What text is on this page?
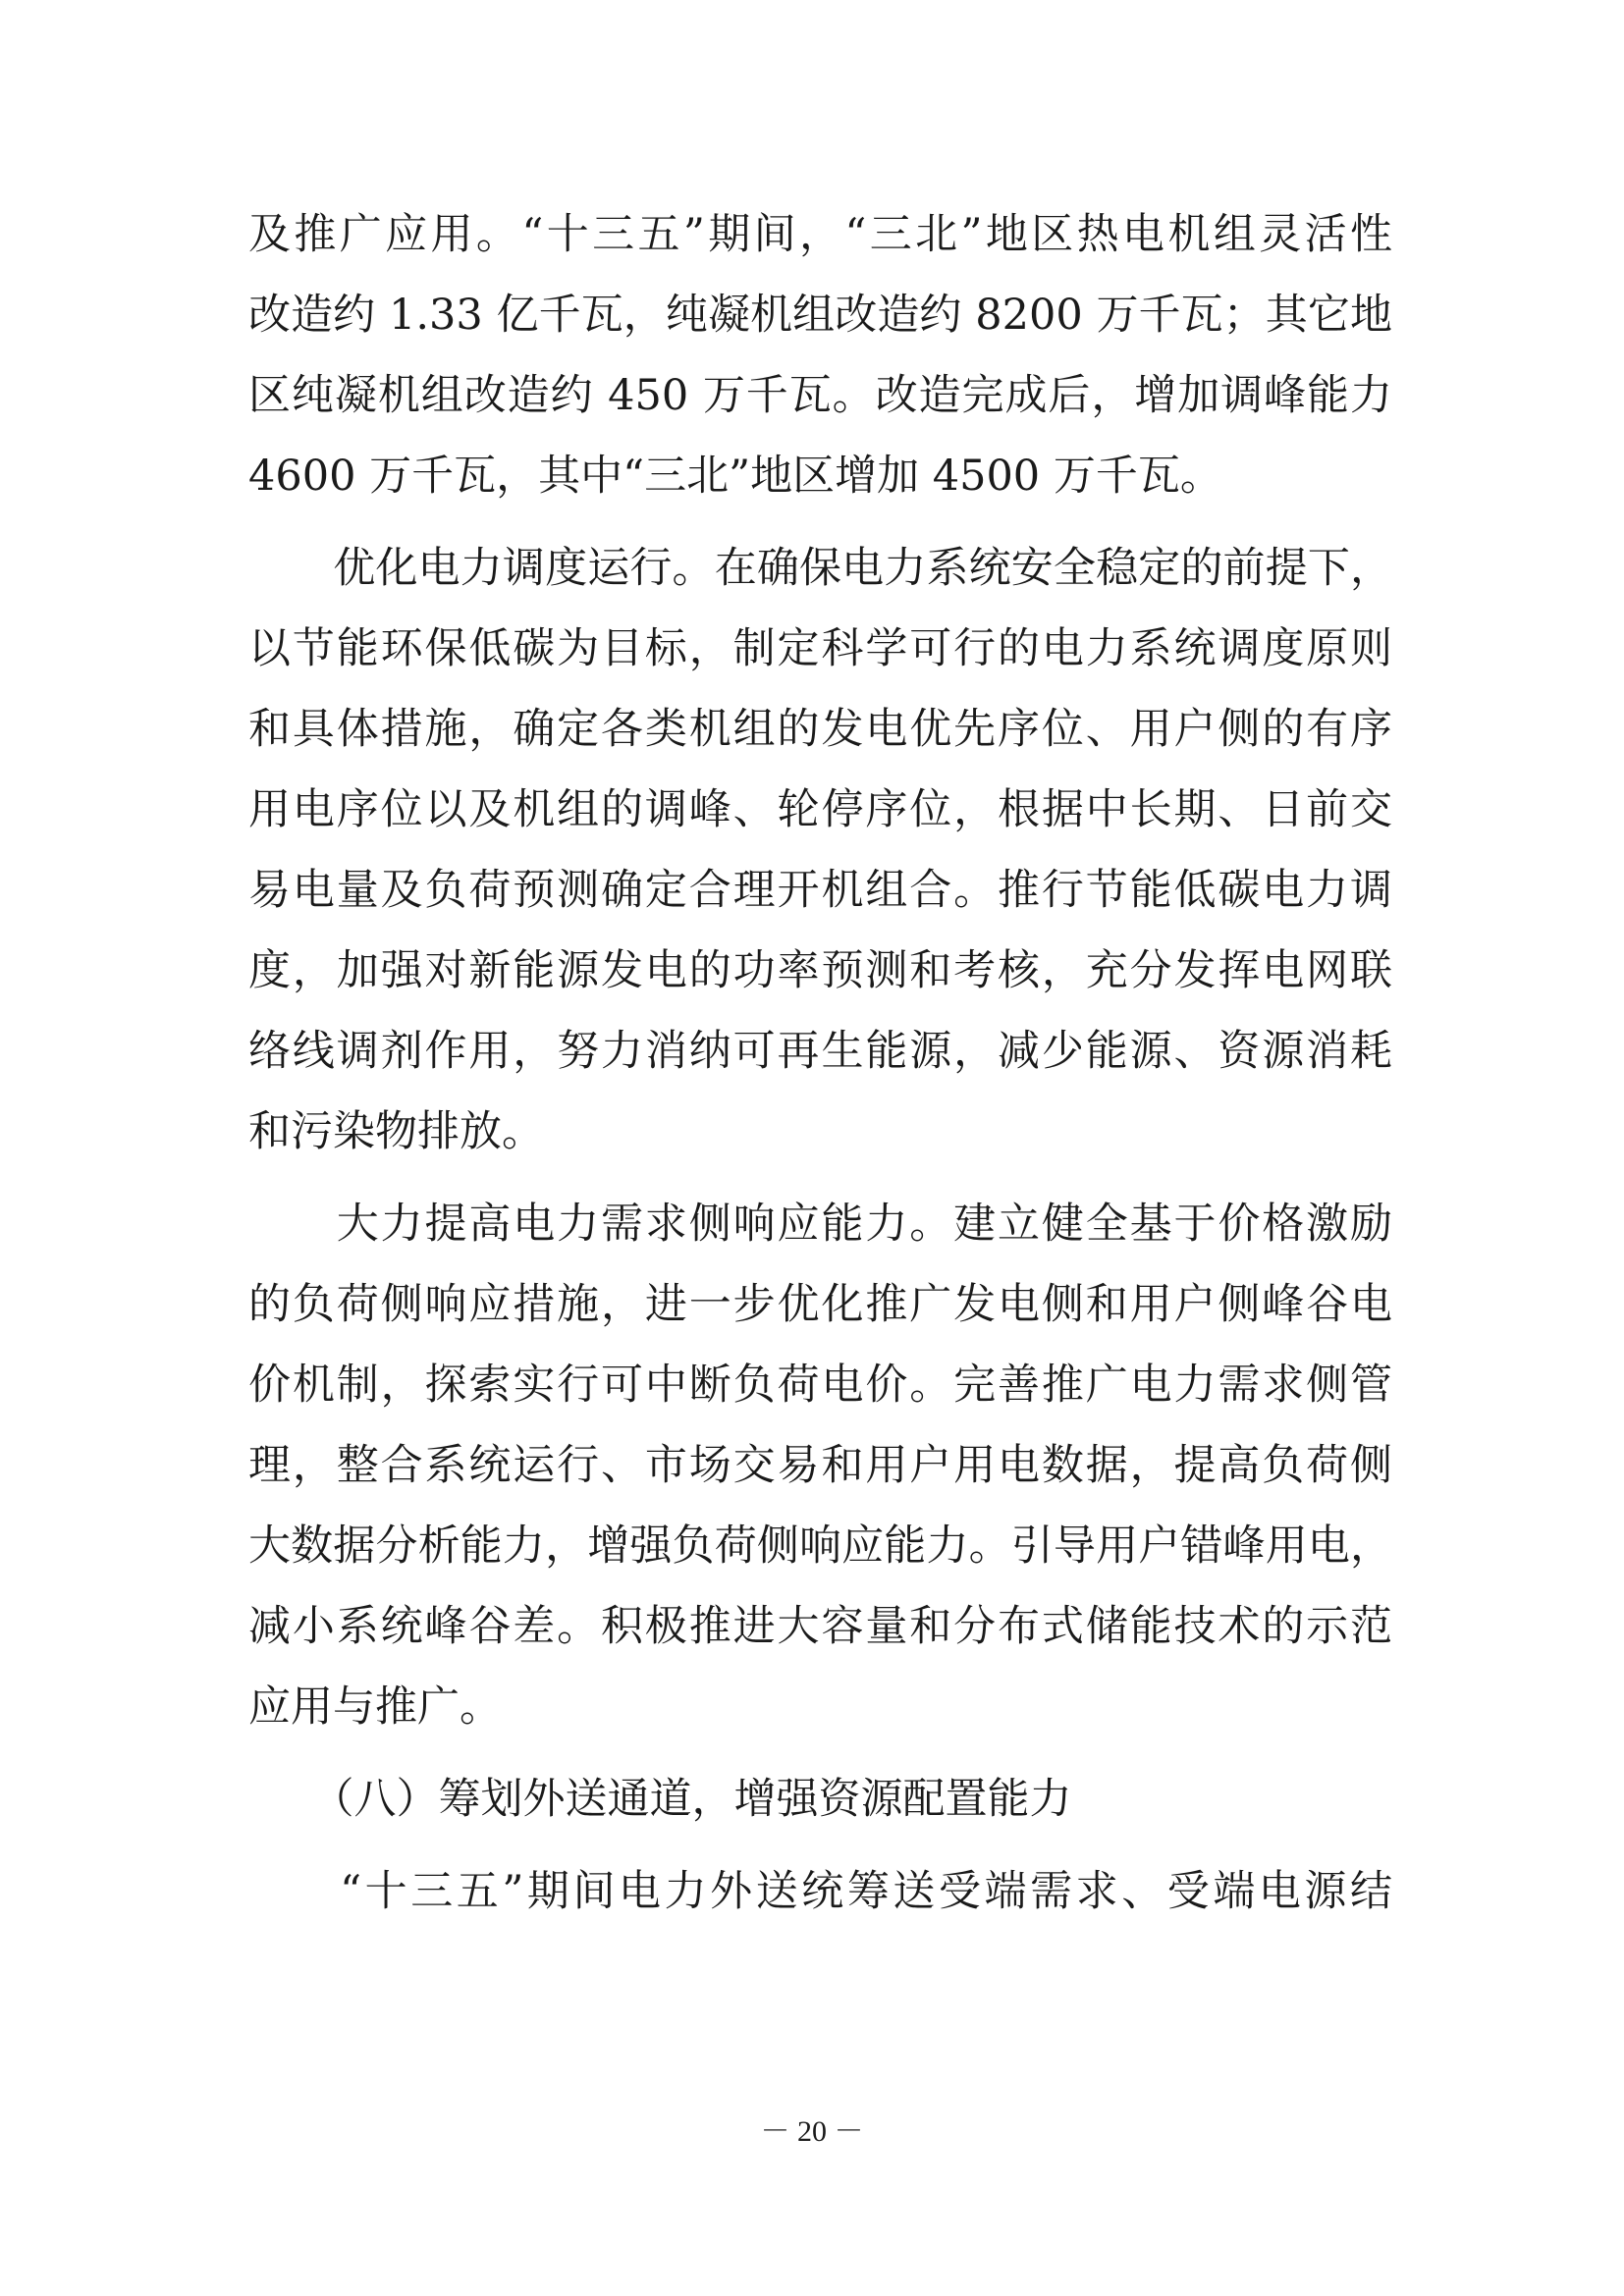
及推广应用。“十三五”期间，“三北”地区热电机组灵活性
改造约 1.33 亿千瓦，纯凝机组改造约 8200 万千瓦；其它地
区纯凝机组改造约 450 万千瓦。改造完成后，增加调峰能力
4600 万千瓦，其中“三北”地区增加 4500 万千瓦。
　　优化电力调度运行。在确保电力系统安全稳定的前提下，
以节能环保低碳为目标，制定科学可行的电力系统调度原则
和具体措施，确定各类机组的发电优先序位、用户侧的有序
用电序位以及机组的调峰、轮停序位，根据中长期、日前交
易电量及负荷预测确定合理开机组合。推行节能低碳电力调
度，加强对新能源发电的功率预测和考核，充分发挥电网联
络线调剂作用，努力消纳可再生能源，减少能源、资源消耗
和污染物排放。
　　大力提高电力需求侧响应能力。建立健全基于价格激励
的负荷侧响应措施，进一步优化推广发电侧和用户侧峰谷电
价机制，探索实行可中断负荷电价。完善推广电力需求侧管
理，整合系统运行、市场交易和用户用电数据，提高负荷侧
大数据分析能力，增强负荷侧响应能力。引导用户错峰用电，
减小系统峰谷差。积极推进大容量和分布式储能技术的示范
应用与推广。
　　（八）筹划外送通道，增强资源配置能力
　　“十三五”期间电力外送统筹送受端需求、受端电源结
－ 20 －
